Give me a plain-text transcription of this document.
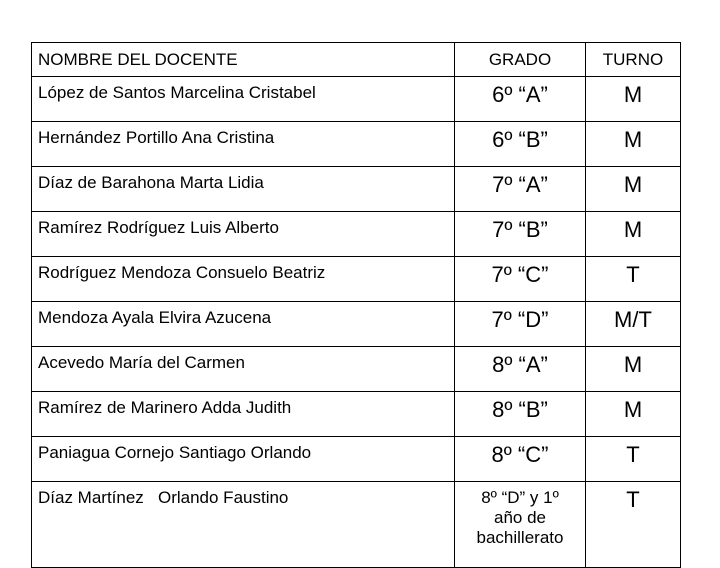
NOMBRE DEL DOCENTE	GRADO	TURNO
López de Santos Marcelina Cristabel	6º “A”	M
Hernández Portillo Ana Cristina	6º “B”	M
Díaz de Barahona Marta Lidia	7º “A”	M
Ramírez Rodríguez Luis Alberto	7º “B”	M
Rodríguez Mendoza Consuelo Beatriz	7º “C”	T
Mendoza Ayala Elvira Azucena	7º “D”	M/T
Acevedo María del Carmen	8º “A”	M
Ramírez de Marinero Adda Judith	8º “B”	M
Paniagua Cornejo Santiago Orlando	8º “C”	T
Díaz Martínez   Orlando Faustino	8º “D” y 1º
año de
bachillerato	T
